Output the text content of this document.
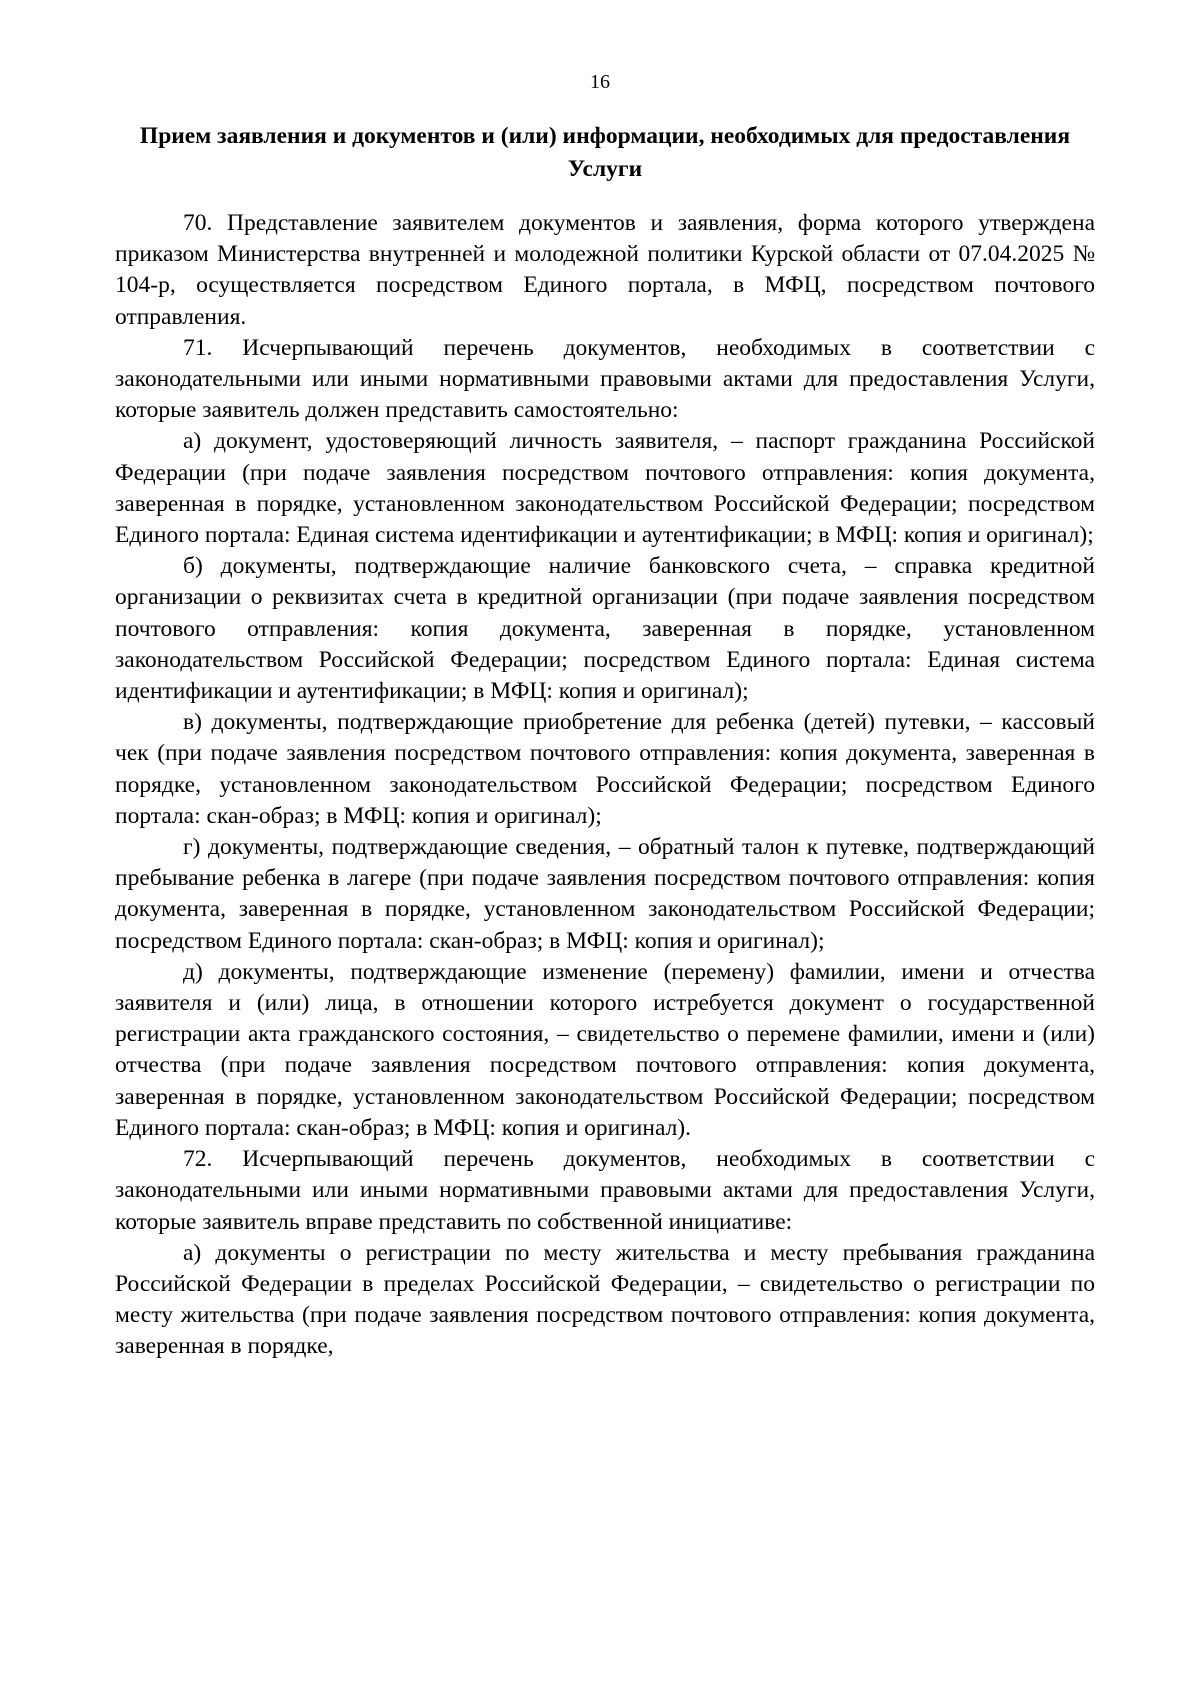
16
Прием заявления и документов и (или) информации, необходимых для предоставления Услуги

70. Представление заявителем документов и заявления, форма которого утверждена приказом Министерства внутренней и молодежной политики Курской области от 07.04.2025 № 104-р, осуществляется посредством Единого портала, в МФЦ, посредством почтового отправления.

71. Исчерпывающий перечень документов, необходимых в соответствии с законодательными или иными нормативными правовыми актами для предоставления Услуги, которые заявитель должен представить самостоятельно:

а) документ, удостоверяющий личность заявителя, – паспорт гражданина Российской Федерации (при подаче заявления посредством почтового отправления: копия документа, заверенная в порядке, установленном законодательством Российской Федерации; посредством Единого портала: Единая система идентификации и аутентификации; в МФЦ: копия и оригинал);

б) документы, подтверждающие наличие банковского счета, – справка кредитной организации о реквизитах счета в кредитной организации (при подаче заявления посредством почтового отправления: копия документа, заверенная в порядке, установленном законодательством Российской Федерации; посредством Единого портала: Единая система идентификации и аутентификации; в МФЦ: копия и оригинал);

в) документы, подтверждающие приобретение для ребенка (детей) путевки, – кассовый чек (при подаче заявления посредством почтового отправления: копия документа, заверенная в порядке, установленном законодательством Российской Федерации; посредством Единого портала: скан-образ; в МФЦ: копия и оригинал);

г) документы, подтверждающие сведения, – обратный талон к путевке, подтверждающий пребывание ребенка в лагере (при подаче заявления посредством почтового отправления: копия документа, заверенная в порядке, установленном законодательством Российской Федерации; посредством Единого портала: скан-образ; в МФЦ: копия и оригинал);

д) документы, подтверждающие изменение (перемену) фамилии, имени и отчества заявителя и (или) лица, в отношении которого истребуется документ о государственной регистрации акта гражданского состояния, – свидетельство о перемене фамилии, имени и (или) отчества (при подаче заявления посредством почтового отправления: копия документа, заверенная в порядке, установленном законодательством Российской Федерации; посредством Единого портала: скан-образ; в МФЦ: копия и оригинал).

72. Исчерпывающий перечень документов, необходимых в соответствии с законодательными или иными нормативными правовыми актами для предоставления Услуги, которые заявитель вправе представить по собственной инициативе:

а) документы о регистрации по месту жительства и месту пребывания гражданина Российской Федерации в пределах Российской Федерации, – свидетельство о регистрации по месту жительства (при подаче заявления посредством почтового отправления: копия документа, заверенная в порядке,
